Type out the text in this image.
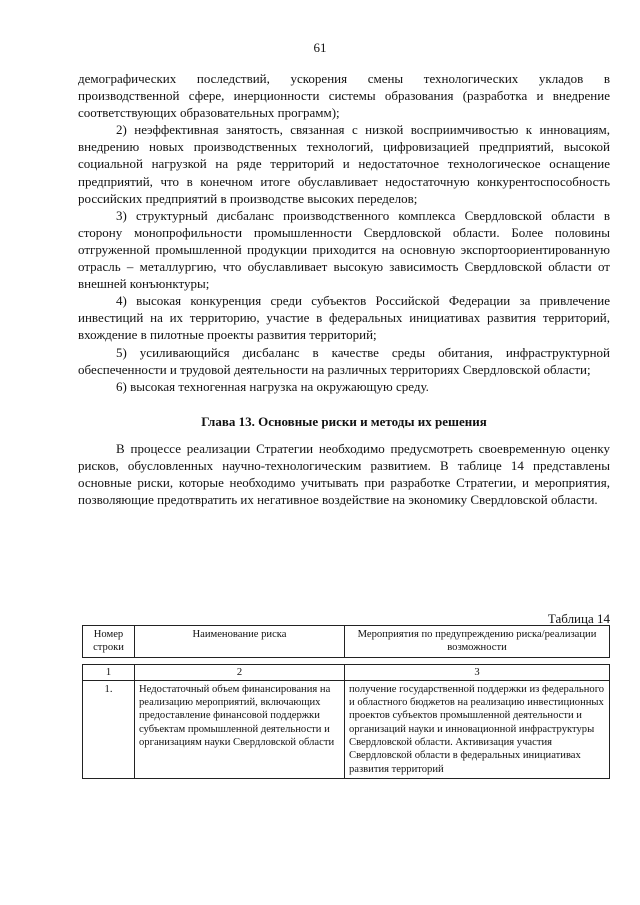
61

демографических последствий, ускорения смены технологических укладов в производственной сфере, инерционности системы образования (разработка и внедрение соответствующих образовательных программ);

2) неэффективная занятость, связанная с низкой восприимчивостью к инновациям, внедрению новых производственных технологий, цифровизацией предприятий, высокой социальной нагрузкой на ряде территорий и недостаточное технологическое оснащение предприятий, что в конечном итоге обуславливает недостаточную конкурентоспособность российских предприятий в производстве высоких переделов;

3) структурный дисбаланс производственного комплекса Свердловской области в сторону монопрофильности промышленности Свердловской области. Более половины отгруженной промышленной продукции приходится на основную экспортоориентированную отрасль – металлургию, что обуславливает высокую зависимость Свердловской области от внешней конъюнктуры;

4) высокая конкуренция среди субъектов Российской Федерации за привлечение инвестиций на их территорию, участие в федеральных инициативах развития территорий, вхождение в пилотные проекты развития территорий;

5) усиливающийся дисбаланс в качестве среды обитания, инфраструктурной обеспеченности и трудовой деятельности на различных территориях Свердловской области;

6) высокая техногенная нагрузка на окружающую среду.

Глава 13. Основные риски и методы их решения

В процессе реализации Стратегии необходимо предусмотреть своевременную оценку рисков, обусловленных научно-технологическим развитием. В таблице 14 представлены основные риски, которые необходимо учитывать при разработке Стратегии, и мероприятия, позволяющие предотвратить их негативное воздействие на экономику Свердловской области.

Таблица 14
Номер строки	Наименование риска	Мероприятия по предупреждению риска/реализации возможности

1	2	3
1.	Недостаточный объем финансирования на реализацию мероприятий, включающих предоставление финансовой поддержки субъектам промышленной деятельности и организациям науки Свердловской области	получение государственной поддержки из федерального и областного бюджетов на реализацию инвестиционных проектов субъектов промышленной деятельности и организаций науки и инновационной инфраструктуры Свердловской области. Активизация участия Свердловской области в федеральных инициативах развития территорий
